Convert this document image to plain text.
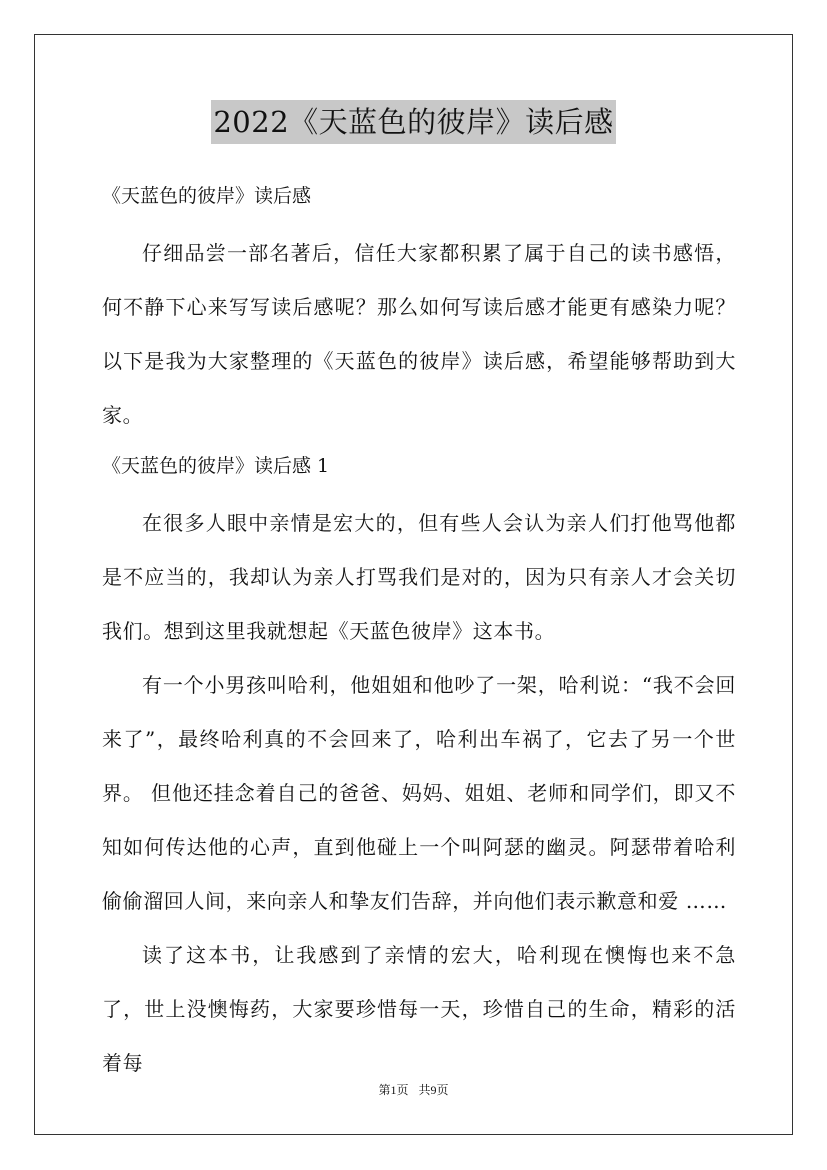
2022《天蓝色的彼岸》读后感

《天蓝色的彼岸》读后感

仔细品尝一部名著后，信任大家都积累了属于自己的读书感悟，何不静下心来写写读后感呢？那么如何写读后感才能更有感染力呢？以下是我为大家整理的《天蓝色的彼岸》读后感，希望能够帮助到大家。

《天蓝色的彼岸》读后感 1

在很多人眼中亲情是宏大的，但有些人会认为亲人们打他骂他都是不应当的，我却认为亲人打骂我们是对的，因为只有亲人才会关切我们。想到这里我就想起《天蓝色彼岸》这本书。

有一个小男孩叫哈利，他姐姐和他吵了一架，哈利说：“我不会回来了”，最终哈利真的不会回来了，哈利出车祸了，它去了另一个世界。 但他还挂念着自己的爸爸、妈妈、姐姐、老师和同学们，即又不知如何传达他的心声，直到他碰上一个叫阿瑟的幽灵。阿瑟带着哈利偷偷溜回人间，来向亲人和挚友们告辞，并向他们表示歉意和爱 ……

读了这本书，让我感到了亲情的宏大，哈利现在懊悔也来不急了，世上没懊悔药，大家要珍惜每一天，珍惜自己的生命，精彩的活着每

第1页 共9页
